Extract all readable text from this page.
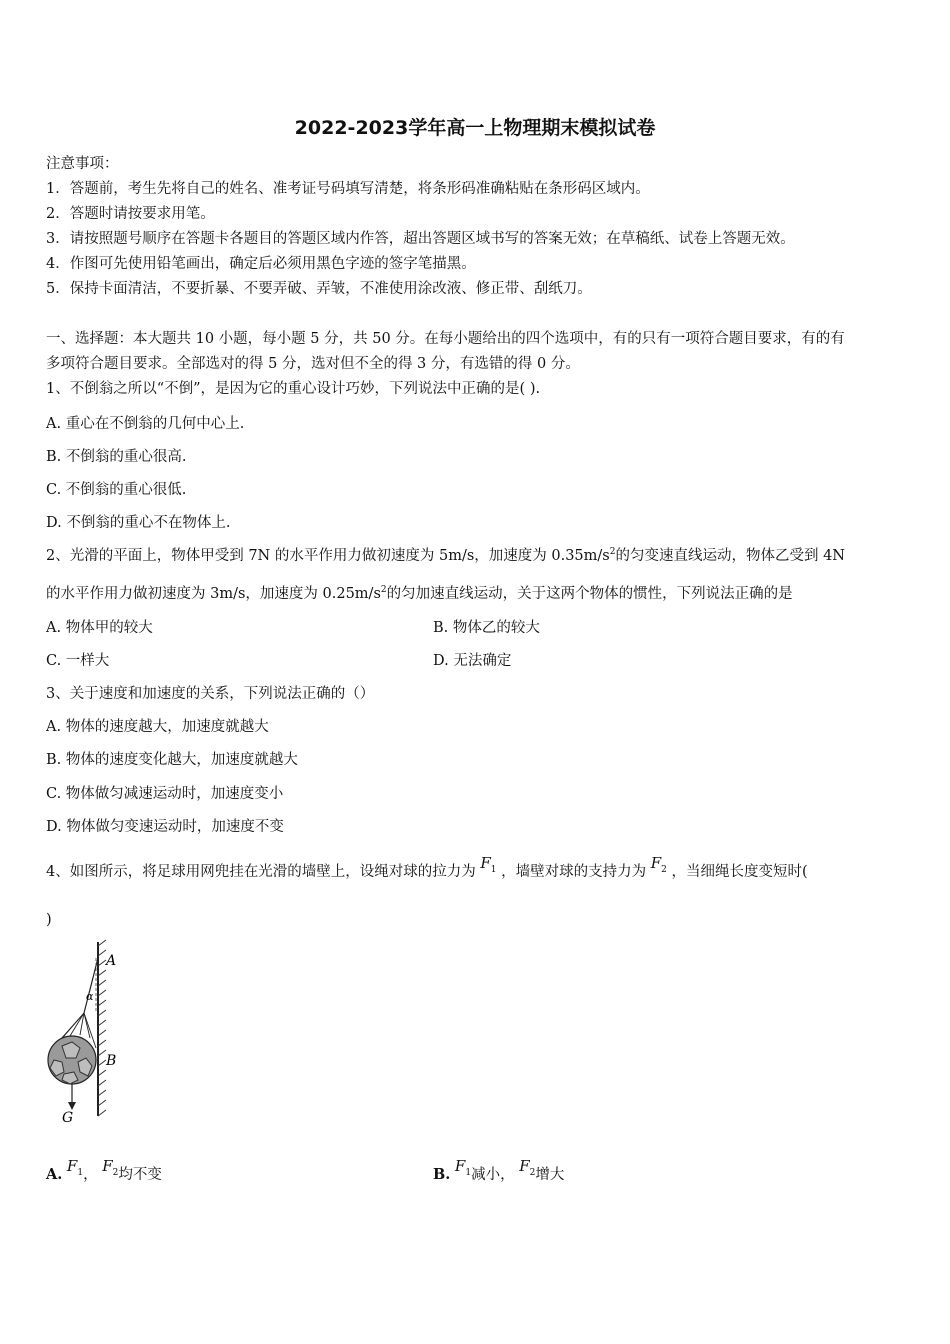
2022-2023学年高一上物理期末模拟试卷
注意事项：
1．答题前，考生先将自己的姓名、准考证号码填写清楚，将条形码准确粘贴在条形码区域内。
2．答题时请按要求用笔。
3．请按照题号顺序在答题卡各题目的答题区域内作答，超出答题区域书写的答案无效；在草稿纸、试卷上答题无效。
4．作图可先使用铅笔画出，确定后必须用黑色字迹的签字笔描黑。
5．保持卡面清洁，不要折暴、不要弄破、弄皱，不准使用涂改液、修正带、刮纸刀。
一、选择题：本大题共 10 小题，每小题 5 分，共 50 分。在每小题给出的四个选项中，有的只有一项符合题目要求，有的有
多项符合题目要求。全部选对的得 5 分，选对但不全的得 3 分，有选错的得 0 分。
1、不倒翁之所以“不倒”，是因为它的重心设计巧妙，下列说法中正确的是( ).
A. 重心在不倒翁的几何中心上.
B. 不倒翁的重心很高.
C. 不倒翁的重心很低.
D. 不倒翁的重心不在物体上.
2、光滑的平面上，物体甲受到 7N 的水平作用力做初速度为 5m/s，加速度为 $0.35m/s^2$的匀变速直线运动，物体乙受到 4N
的水平作用力做初速度为 3m/s，加速度为 $0.25m/s^2$的匀加速直线运动，关于这两个物体的惯性，下列说法正确的是
A. 物体甲的较大	B. 物体乙的较大
C. 一样大	D. 无法确定
3、关于速度和加速度的关系，下列说法正确的（）
A. 物体的速度越大，加速度就越大
B. 物体的速度变化越大，加速度就越大
C. 物体做匀减速运动时，加速度变小
D. 物体做匀变速运动时，加速度不变
4、如图所示，将足球用网兜挂在光滑的墙壁上，设绳对球的拉力为 $F_1$ ，墙壁对球的支持力为 $F_2$ ，当细绳长度变短时(
)
A
α
B
G
A. $F_1$， $F_2$均不变	B. $F_1$减小， $F_2$增大
